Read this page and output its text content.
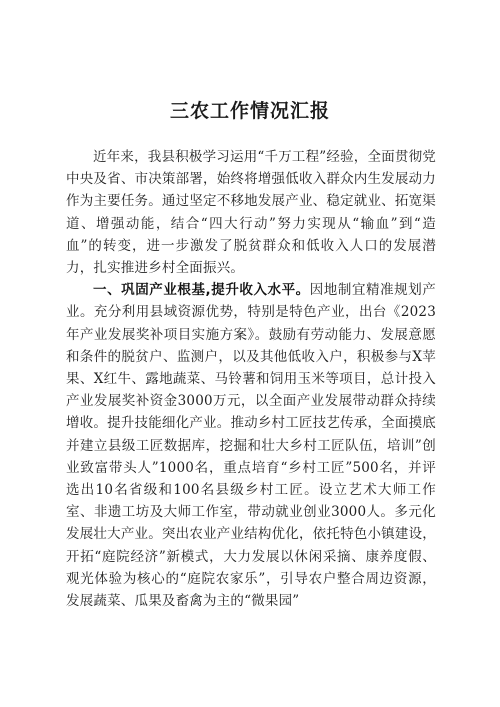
三农工作情况汇报

近年来，我县积极学习运用“千万工程”经验，全面贯彻党中央及省、市决策部署，始终将增强低收入群众内生发展动力作为主要任务。通过坚定不移地发展产业、稳定就业、拓宽渠道、增强动能，结合“四大行动”努力实现从“输血”到“造血”的转变，进一步激发了脱贫群众和低收入人口的发展潜力，扎实推进乡村全面振兴。

一、巩固产业根基,提升收入水平。因地制宜精准规划产业。充分利用县域资源优势，特别是特色产业，出台《2023年产业发展奖补项目实施方案》。鼓励有劳动能力、发展意愿和条件的脱贫户、监测户，以及其他低收入户，积极参与X苹果、X红牛、露地蔬菜、马铃薯和饲用玉米等项目，总计投入产业发展奖补资金3000万元，以全面产业发展带动群众持续增收。提升技能细化产业。推动乡村工匠技艺传承，全面摸底并建立县级工匠数据库，挖掘和壮大乡村工匠队伍，培训”创业致富带头人”1000名，重点培育“乡村工匠”500名，并评选出10名省级和100名县级乡村工匠。设立艺术大师工作室、非遗工坊及大师工作室，带动就业创业3000人。多元化发展壮大产业。突出农业产业结构优化，依托特色小镇建设，开拓“庭院经济”新模式，大力发展以休闲采摘、康养度假、观光体验为核心的“庭院农家乐”，引导农户整合周边资源，发展蔬菜、瓜果及畜禽为主的“微果园”
